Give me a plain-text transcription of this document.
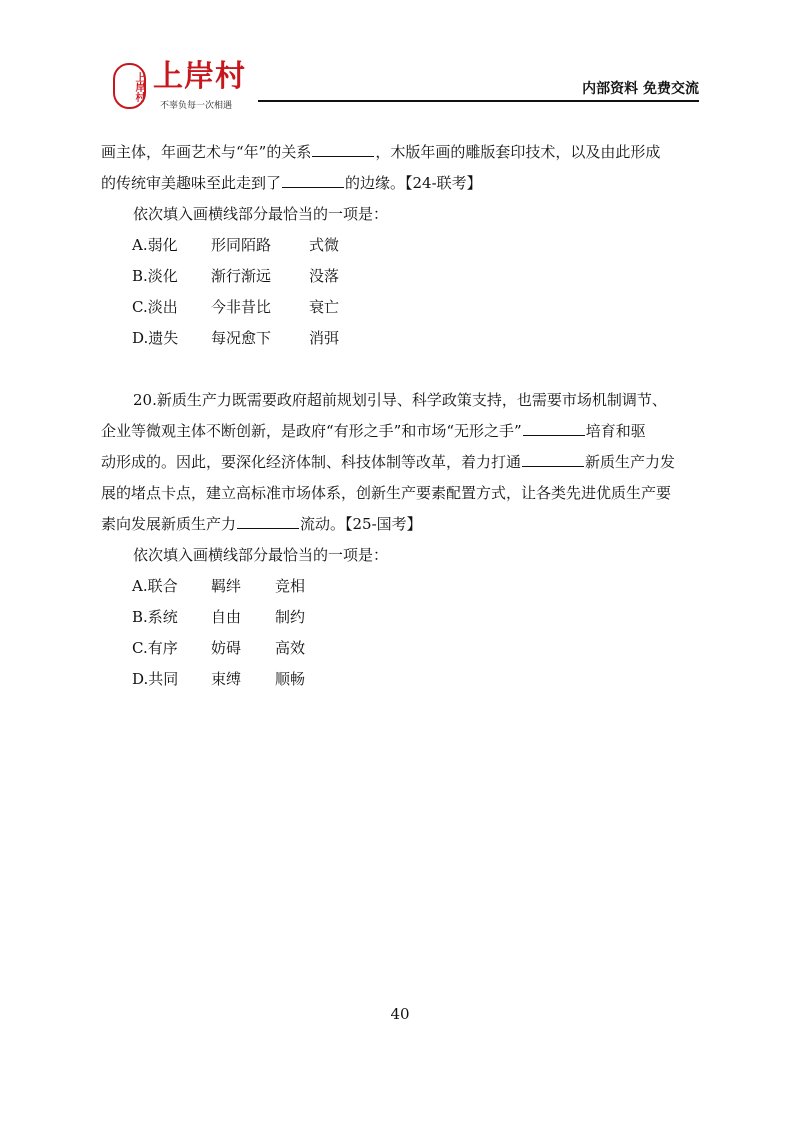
上岸村 上岸村
不辜负每一次相遇
内部资料 免费交流

画主体，年画艺术与“年”的关系	，木版年画的雕版套印技术，以及由此形成

的传统审美趣味至此走到了	的边缘。【24-联考】

依次填入画横线部分最恰当的一项是：

A.弱化 形同陌路	式微

B.淡化 渐行渐远	没落

C.淡出 今非昔比	衰亡

D.遗失 每况愈下	消弭

20.新质生产力既需要政府超前规划引导、科学政策支持，也需要市场机制调节、

企业等微观主体不断创新，是政府“有形之手”和市场“无形之手”	培育和驱

动形成的。因此，要深化经济体制、科技体制等改革，着力打通	新质生产力发

展的堵点卡点，建立高标准市场体系，创新生产要素配置方式，让各类先进优质生产要

素向发展新质生产力	流动。【25-国考】

依次填入画横线部分最恰当的一项是：

A.联合 羁绊 竞相

B.系统 自由 制约

C.有序 妨碍 高效

D.共同 束缚 顺畅

40
